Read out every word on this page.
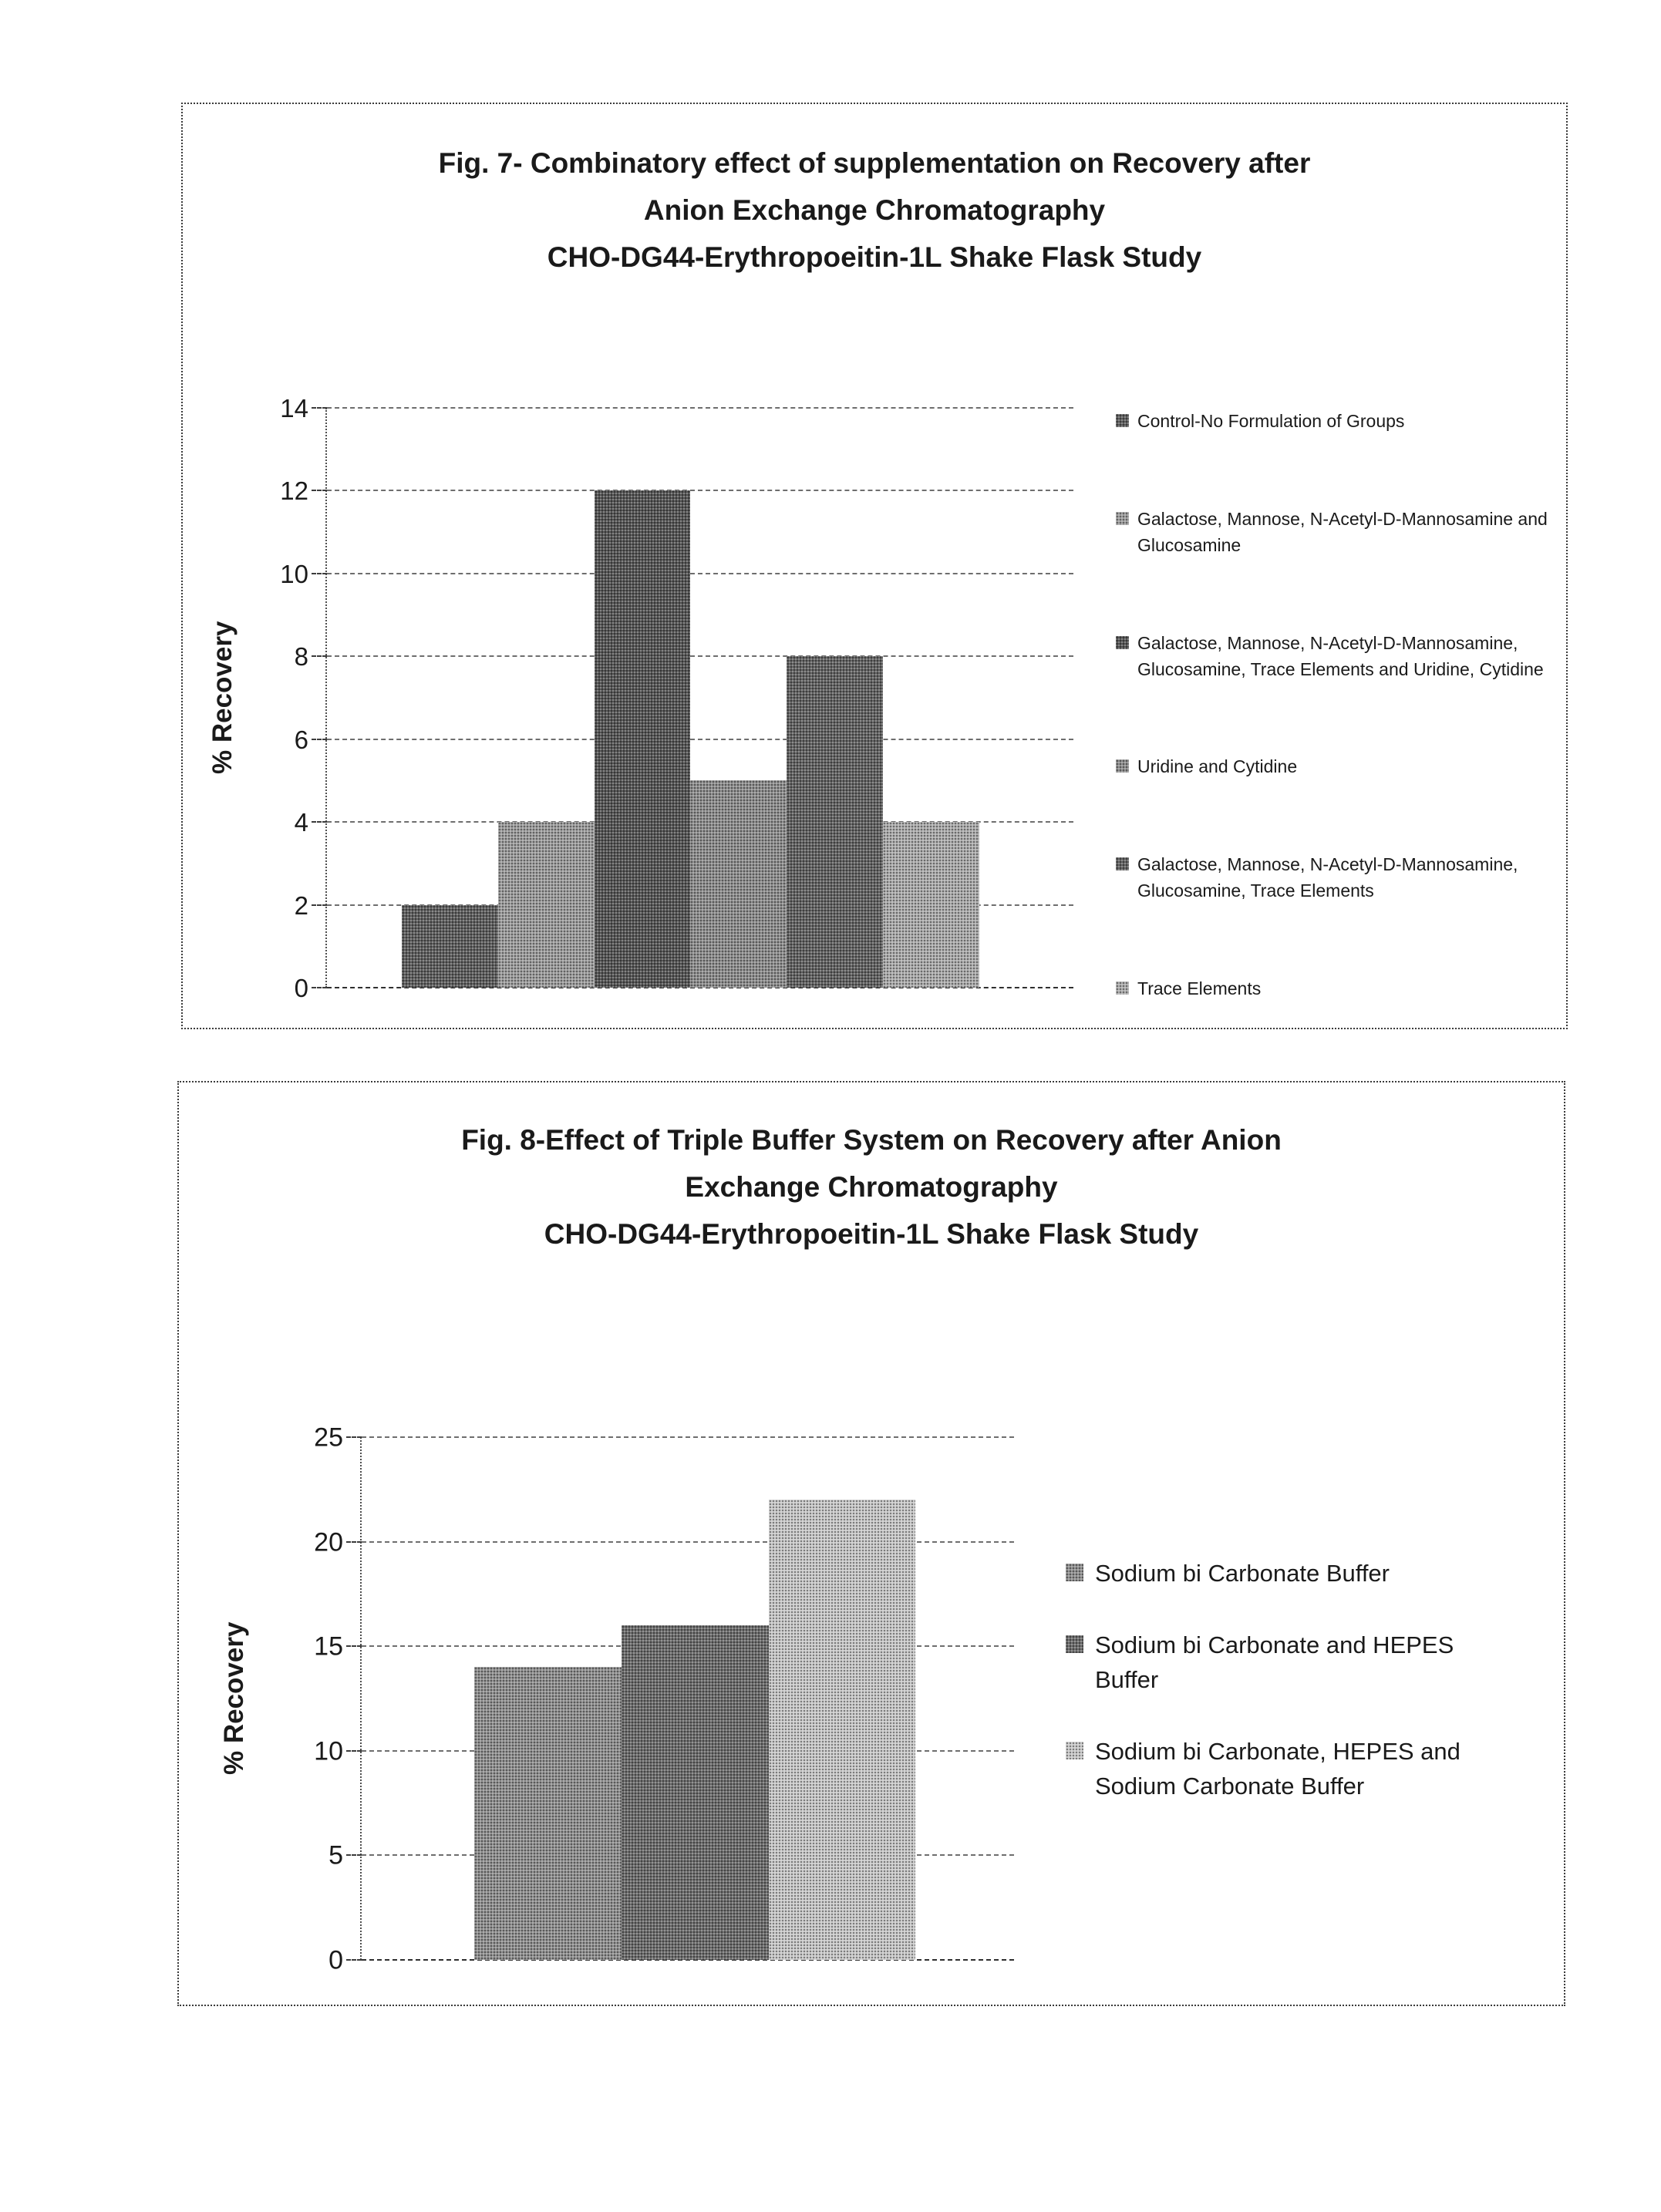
Fig. 7- Combinatory effect of supplementation on Recovery after
Anion Exchange Chromatography
CHO-DG44-Erythropoeitin-1L Shake Flask Study
% Recovery
0
2
4
6
8
10
12
14	Control-No Formulation of Groups
Galactose, Mannose, N-Acetyl-D-Mannosamine and Glucosamine
Galactose, Mannose, N-Acetyl-D-Mannosamine, Glucosamine, Trace Elements and Uridine, Cytidine
Uridine and Cytidine
Galactose, Mannose, N-Acetyl-D-Mannosamine, Glucosamine, Trace Elements
Trace Elements
Fig. 8-Effect of Triple Buffer System on Recovery after Anion
Exchange Chromatography
CHO-DG44-Erythropoeitin-1L Shake Flask Study
% Recovery
0
5
10
15
20
25
Sodium bi Carbonate Buffer
Sodium bi Carbonate and HEPES Buffer
Sodium bi Carbonate, HEPES and Sodium Carbonate Buffer
